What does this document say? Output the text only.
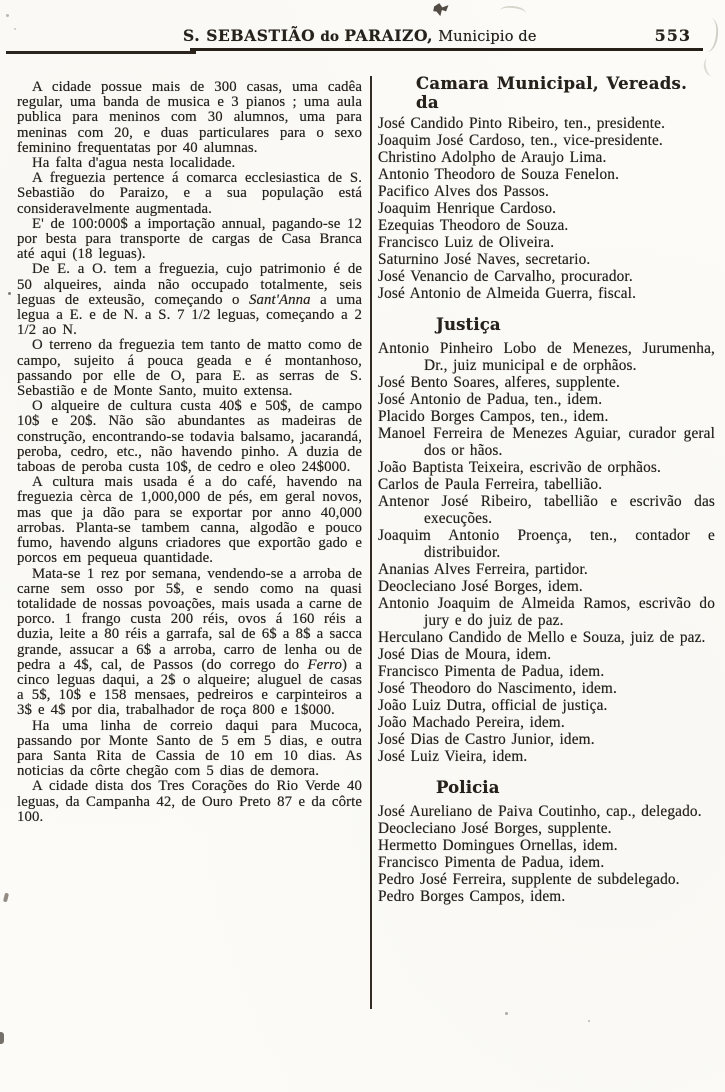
S. SEBASTIÃO do PARAIZO, Municipio de	553

A cidade possue mais de 300 casas, uma cadêa regular, uma banda de musica e 3 pianos ; uma aula publica para meninos com 30 alumnos, uma para meninas com 20, e duas particulares para o sexo feminino frequentatas por 40 alumnas.

Ha falta d'agua nesta localidade.

A freguezia pertence á comarca ecclesiastica de S. Sebastião do Paraizo, e a sua população está consideravelmente augmentada.

E' de 100:000$ a importação annual, pagando-se 12 por besta para transporte de cargas de Casa Branca até aqui (18 leguas).

De E. a O. tem a freguezia, cujo patrimonio é de 50 alqueires, ainda não occupado totalmente, seis leguas de exteusão, começando o Sant'Anna a uma legua a E. e de N. a S. 7 1/2 leguas, começando a 2 1/2 ao N.

O terreno da freguezia tem tanto de matto como de campo, sujeito á pouca geada e é montanhoso, passando por elle de O, para E. as serras de S. Sebastião e de Monte Santo, muito extensa.

O alqueire de cultura custa 40$ e 50$, de campo 10$ e 20$. Não são abundantes as madeiras de construção, encontrando-se todavia balsamo, jacarandá, peroba, cedro, etc., não havendo pinho. A duzia de taboas de peroba custa 10$, de cedro e oleo 24$000.

A cultura mais usada é a do café, havendo na freguezia cèrca de 1,000,000 de pés, em geral novos, mas que ja dão para se exportar por anno 40,000 arrobas. Planta-se tambem canna, algodão e pouco fumo, havendo alguns criadores que exportão gado e porcos em pequeua quantidade.

Mata-se 1 rez por semana, vendendo-se a arroba de carne sem osso por 5$, e sendo como na quasi totalidade de nossas povoações, mais usada a carne de porco. 1 frango custa 200 réis, ovos á 160 réis a duzia, leite a 80 réis a garrafa, sal de 6$ a 8$ a sacca grande, assucar a 6$ a arroba, carro de lenha ou de pedra a 4$, cal, de Passos (do corrego do Ferro) a cinco leguas daqui, a 2$ o alqueire; aluguel de casas a 5$, 10$ e 158 mensaes, pedreiros e carpinteiros a 3$ e 4$ por dia, trabalhador de roça 800 e 1$000.

Ha uma linha de correio daqui para Mucoca, passando por Monte Santo de 5 em 5 dias, e outra para Santa Rita de Cassia de 10 em 10 dias. As noticias da côrte chegão com 5 dias de demora.

A cidade dista dos Tres Corações do Rio Verde 40 leguas, da Campanha 42, de Ouro Preto 87 e da côrte 100.

Camara Municipal, Vereads. da

José Candido Pinto Ribeiro, ten., presidente.

Joaquim José Cardoso, ten., vice-presidente.

Christino Adolpho de Araujo Lima.

Antonio Theodoro de Souza Fenelon.

Pacifico Alves dos Passos.

Joaquim Henrique Cardoso.

Ezequias Theodoro de Souza.

Francisco Luiz de Oliveira.

Saturnino José Naves, secretario.

José Venancio de Carvalho, procurador.

José Antonio de Almeida Guerra, fiscal.

Justiça

Antonio Pinheiro Lobo de Menezes, Jurumenha, Dr., juiz municipal e de orphãos.

José Bento Soares, alferes, supplente.

José Antonio de Padua, ten., idem.

Placido Borges Campos, ten., idem.

Manoel Ferreira de Menezes Aguiar, curador geral dos or hãos.

João Baptista Teixeira, escrivão de orphãos.

Carlos de Paula Ferreira, tabellião.

Antenor José Ribeiro, tabellião e escrivão das execuções.

Joaquim Antonio Proença, ten., contador e distribuidor.

Ananias Alves Ferreira, partidor.

Deocleciano José Borges, idem.

Antonio Joaquim de Almeida Ramos, escrivão do jury e do juiz de paz.

Herculano Candido de Mello e Souza, juiz de paz.

José Dias de Moura, idem.

Francisco Pimenta de Padua, idem.

José Theodoro do Nascimento, idem.

João Luiz Dutra, official de justiça.

João Machado Pereira, idem.

José Dias de Castro Junior, idem.

José Luiz Vieira, idem.

Policia

José Aureliano de Paiva Coutinho, cap., delegado.

Deocleciano José Borges, supplente.

Hermetto Domingues Ornellas, idem.

Francisco Pimenta de Padua, idem.

Pedro José Ferreira, supplente de subdelegado.

Pedro Borges Campos, idem.
